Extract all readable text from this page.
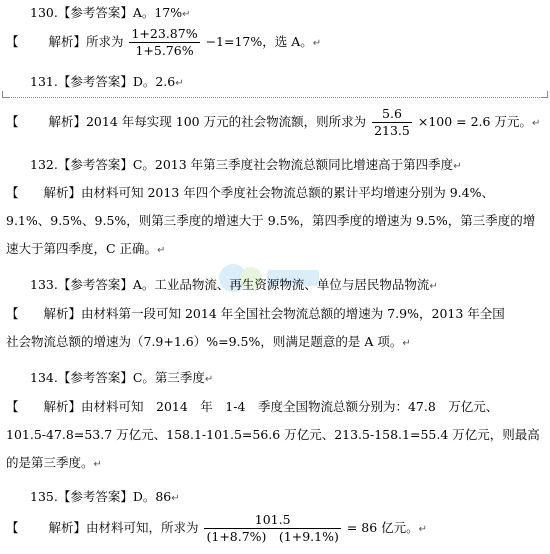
130.【参考答案】A。17%↵
【 解析】所求为 $\frac{1+23.87\%}{1+5.76\%} -1=17\%$，选 A。↵
131.【参考答案】D。2.6↵
【 解析】2014 年每实现 100 万元的社会物流额，则所求为 $\frac{5.6}{213.5} \times 100 = 2.6$ 万元。↵
132.【参考答案】C。2013 年第三季度社会物流总额同比增速高于第四季度↵
【　　解析】由材料可知 2013 年四个季度社会物流总额的累计平均增速分别为 9.4%、
9.1%、9.5%、9.5%，则第三季度的增速大于 9.5%，第四季度的增速为 9.5%，第三季度的增
速大于第四季度，C 正确。↵
133.【参考答案】A。工业品物流、再生资源物流、单位与居民物品物流↵
【　　解析】由材料第一段可知 2014 年全国社会物流总额的增速为 7.9%，2013 年全国
社会物流总额的增速为（7.9+1.6）%=9.5%，则满足题意的是 A 项。↵
134.【参考答案】C。第三季度↵
【　　解析】由材料可知　2014　年　1-4　季度全国物流总额分别为：47.8　万亿元、
101.5-47.8=53.7 万亿元、158.1-101.5=56.6 万亿元、213.5-158.1=55.4 万亿元，则最高
的是第三季度。↵
135.【参考答案】D。86↵
【 解析】由材料可知，所求为 $\frac{101.5}{(1+8.7\%) (1+9.1\%)} = 86$ 亿元。↵
